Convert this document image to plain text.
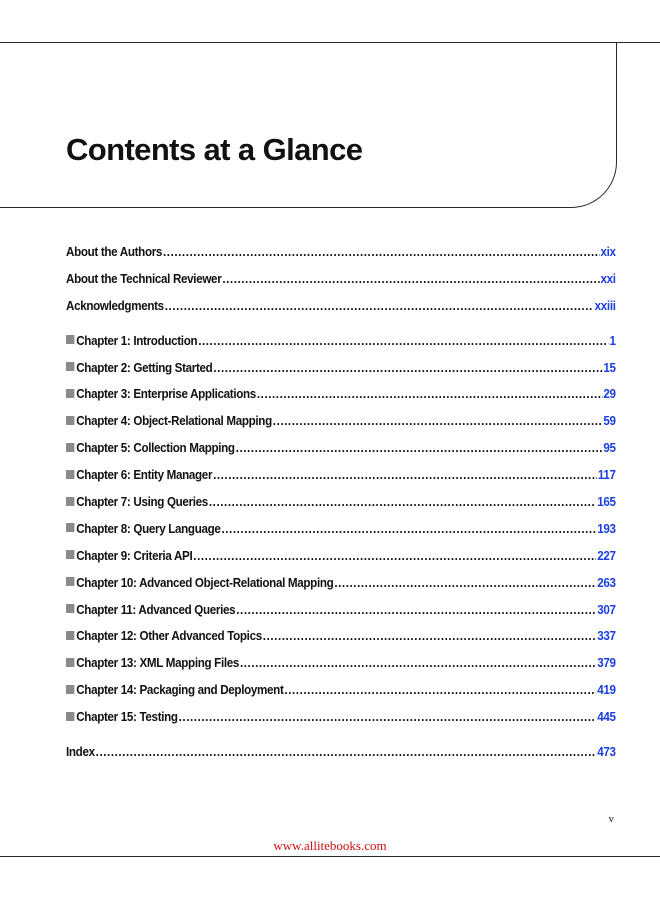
Contents at a Glance
About the Authors .....	xix
About the Technical Reviewer .....	xxi
Acknowledgments .....	xxiii
Chapter 1: Introduction .....	1
Chapter 2: Getting Started .....	15
Chapter 3: Enterprise Applications .....	29
Chapter 4: Object-Relational Mapping .....	59
Chapter 5: Collection Mapping .....	95
Chapter 6: Entity Manager .....	117
Chapter 7: Using Queries .....	165
Chapter 8: Query Language .....	193
Chapter 9: Criteria API .....	227
Chapter 10: Advanced Object-Relational Mapping .....	263
Chapter 11: Advanced Queries .....	307
Chapter 12: Other Advanced Topics .....	337
Chapter 13: XML Mapping Files .....	379
Chapter 14: Packaging and Deployment .....	419
Chapter 15: Testing .....	445
Index .....	473
v
www.allitebooks.com
